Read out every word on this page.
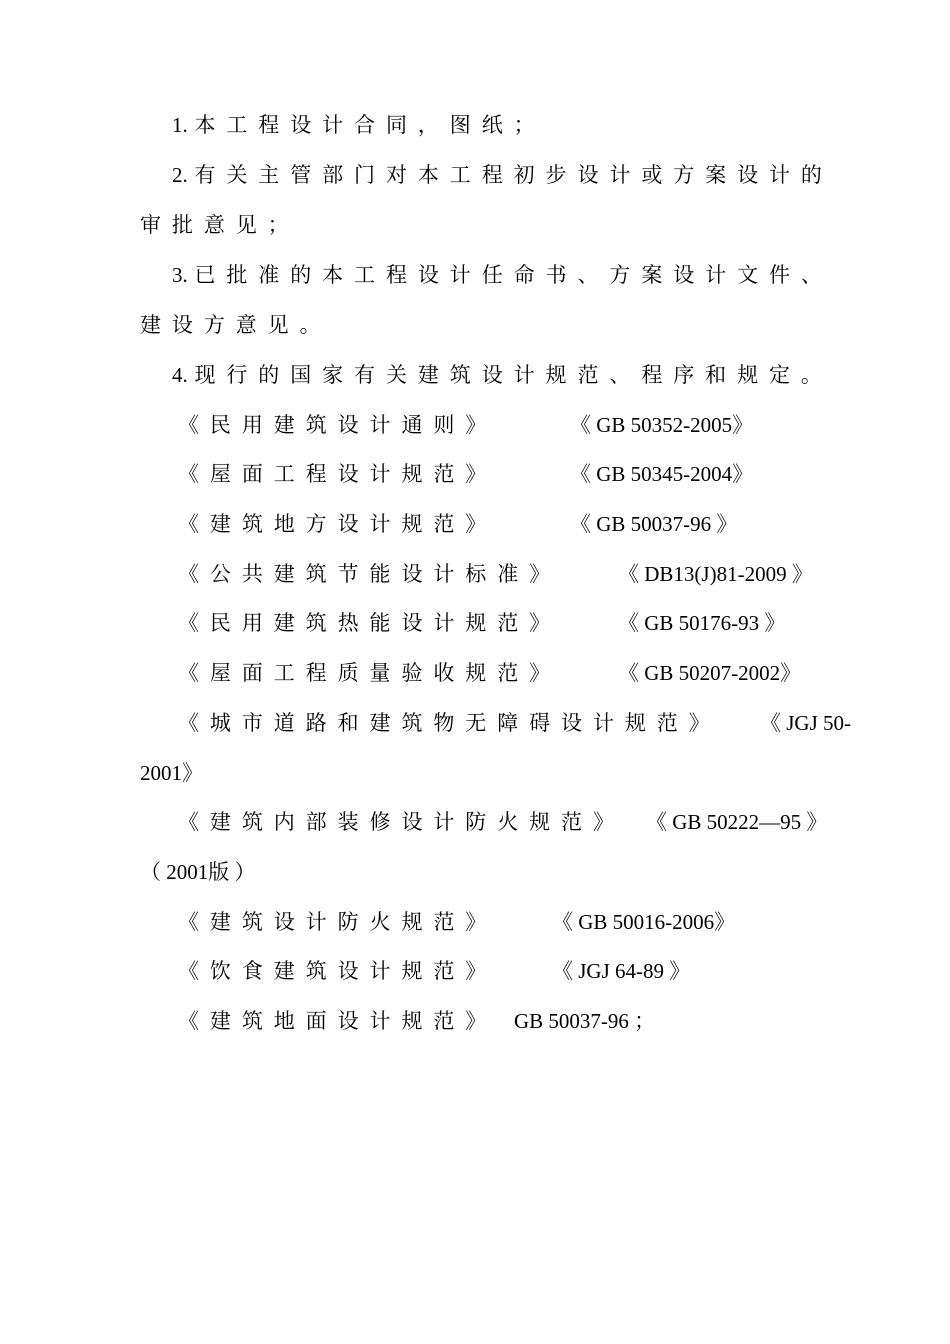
1. 本工程设计合同，图纸；
2. 有关主管部门对本工程初步设计或方案设计的
审批意见；
3. 已批准的本工程设计任命书、方案设计文件、
建设方意见。
4. 现行的国家有关建筑设计规范、程序和规定。
《民用建筑设计通则》	《 GB 50352-2005》
《屋面工程设计规范》	《 GB 50345-2004》
《建筑地方设计规范》	《 GB 50037-96 》
《公共建筑节能设计标准》	《 DB13(J)81-2009 》
《民用建筑热能设计规范》	《 GB 50176-93 》
《屋面工程质量验收规范》	《 GB 50207-2002》
《城市道路和建筑物无障碍设计规范》 《 JGJ 50-
2001》
《建筑内部装修设计防火规范》 《 GB 50222—95 》
（ 2001版 ）
《建筑设计防火规范》	《 GB 50016-2006》
《饮食建筑设计规范》	《 JGJ 64-89 》
《建筑地面设计规范》 GB 50037-96 ；
